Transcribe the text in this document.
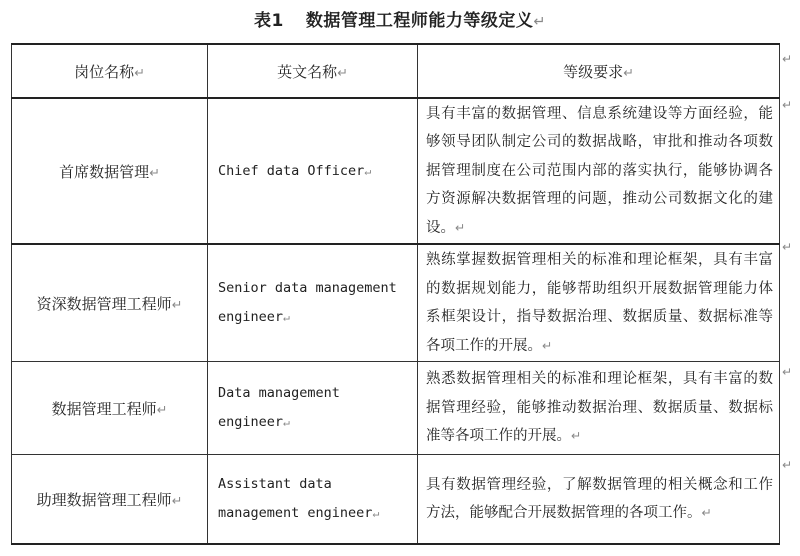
表1 数据管理工程师能力等级定义↵
岗位名称↵	英文名称↵	等级要求↵
首席数据管理↵	Chief data Officer↵	具有丰富的数据管理、信息系统建设等方面经验，能够领导团队制定公司的数据战略，审批和推动各项数据管理制度在公司范围内部的落实执行，能够协调各方资源解决数据管理的问题，推动公司数据文化的建设。↵
资深数据管理工程师↵	Senior data management engineer↵	熟练掌握数据管理相关的标准和理论框架，具有丰富的数据规划能力，能够帮助组织开展数据管理能力体系框架设计，指导数据治理、数据质量、数据标准等各项工作的开展。↵
数据管理工程师↵	Data management engineer↵	熟悉数据管理相关的标准和理论框架，具有丰富的数据管理经验，能够推动数据治理、数据质量、数据标准等各项工作的开展。↵
助理数据管理工程师↵	Assistant data management engineer↵	具有数据管理经验，了解数据管理的相关概念和工作方法，能够配合开展数据管理的各项工作。↵
↵
↵
↵
↵
↵
